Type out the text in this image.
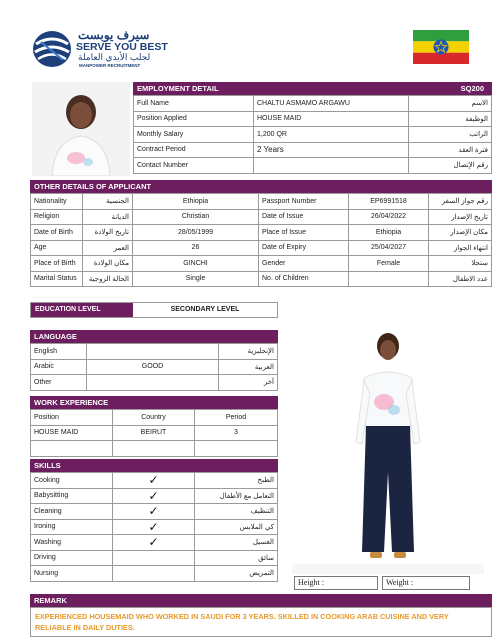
سيرف يوبست
SERVE YOU BEST
لجلب الأيدي العاملة
MANPOWER RECRUITMENT
EMPLOYMENT DETAIL	SQ200
Full Name	CHALTU ASMAMO ARGAWU	الاسم
Position Applied	HOUSE MAID	الوظيفة
Monthly Salary	1,200 QR	الراتب
Contract Period	2 Years	فترة العقد
Contact Number		رقم الإتصال
OTHER DETAILS OF APPLICANT
Nationality	الجنسية	Ethiopia	Passport Number	EP6991518	رقم جواز السفر
Religion	الديانة	Christian	Date of Issue	26/04/2022	تاريخ الإصدار
Date of Birth	تاريخ الولادة	28/05/1999	Place of Issue	Ethiopia	مكان الإصدار
Age	العمر	26	Date of Expiry	25/04/2027	انتهاء الجواز
Place of Birth	مكان الولادة	GINCHI	Gender	Female	ستجلا
Marital Status	الحالة الزوجية	Single	No. of Children		عدد الاطفال
EDUCATION LEVEL	SECONDARY LEVEL
LANGUAGE
English		الإنجليزية
Arabic	GOOD	العربية
Other		آخر
WORK EXPERIENCE
Position	Country	Period
HOUSE MAID	BEIRUT	3

SKILLS
Cooking	✓	الطبخ
Babysitting	✓	التعامل مع الأطفال
Cleaning	✓	التنظيف
Ironing	✓	كي الملابس
Washing	✓	الغسيل
Driving		سائق
Nursing		التمريض
Height :	Weight :
REMARK
EXPERIENCED HOUSEMAID WHO WORKED IN SAUDI FOR 3 YEARS. SKILLED IN COOKING ARAB CUISINE AND VERY RELIABLE IN DAILY DUTIES.
